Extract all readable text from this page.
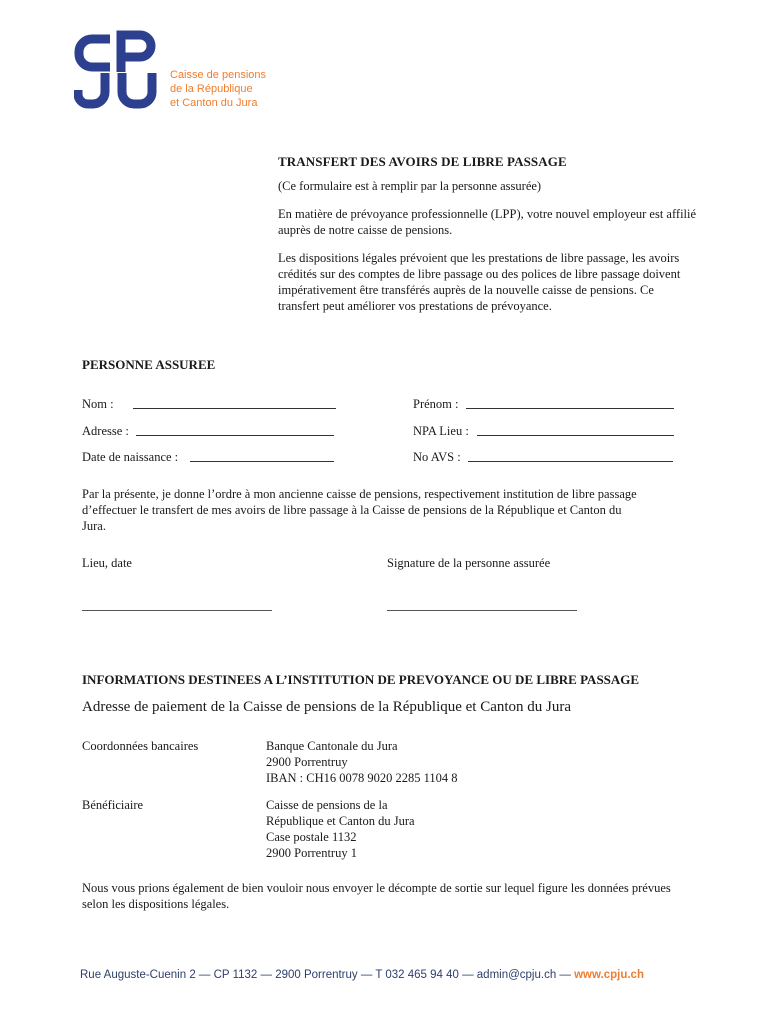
Caisse de pensions
de la République
et Canton du Jura
TRANSFERT DES AVOIRS DE LIBRE PASSAGE
(Ce formulaire est à remplir par la personne assurée)
En matière de prévoyance professionnelle (LPP), votre nouvel employeur est affilié
auprès de notre caisse de pensions.
Les dispositions légales prévoient que les prestations de libre passage, les avoirs
crédités sur des comptes de libre passage ou des polices de libre passage doivent
impérativement être transférés auprès de la nouvelle caisse de pensions. Ce
transfert peut améliorer vos prestations de prévoyance.
PERSONNE ASSUREE
Nom :	Prénom :
Adresse :	NPA Lieu :
Date de naissance :	No AVS :
Par la présente, je donne l’ordre à mon ancienne caisse de pensions, respectivement institution de libre passage
d’effectuer le transfert de mes avoirs de libre passage à la Caisse de pensions de la République et Canton du
Jura.
Lieu, date	Signature de la personne assurée
INFORMATIONS DESTINEES A L’INSTITUTION DE PREVOYANCE OU DE LIBRE PASSAGE
Adresse de paiement de la Caisse de pensions de la République et Canton du Jura
Coordonnées bancaires	Banque Cantonale du Jura
2900 Porrentruy
IBAN : CH16 0078 9020 2285 1104 8
Bénéficiaire	Caisse de pensions de la
République et Canton du Jura
Case postale 1132
2900 Porrentruy 1
Nous vous prions également de bien vouloir nous envoyer le décompte de sortie sur lequel figure les données prévues
selon les dispositions légales.
Rue Auguste-Cuenin 2 — CP 1132 — 2900 Porrentruy — T 032 465 94 40 — admin@cpju.ch — www.cpju.ch
